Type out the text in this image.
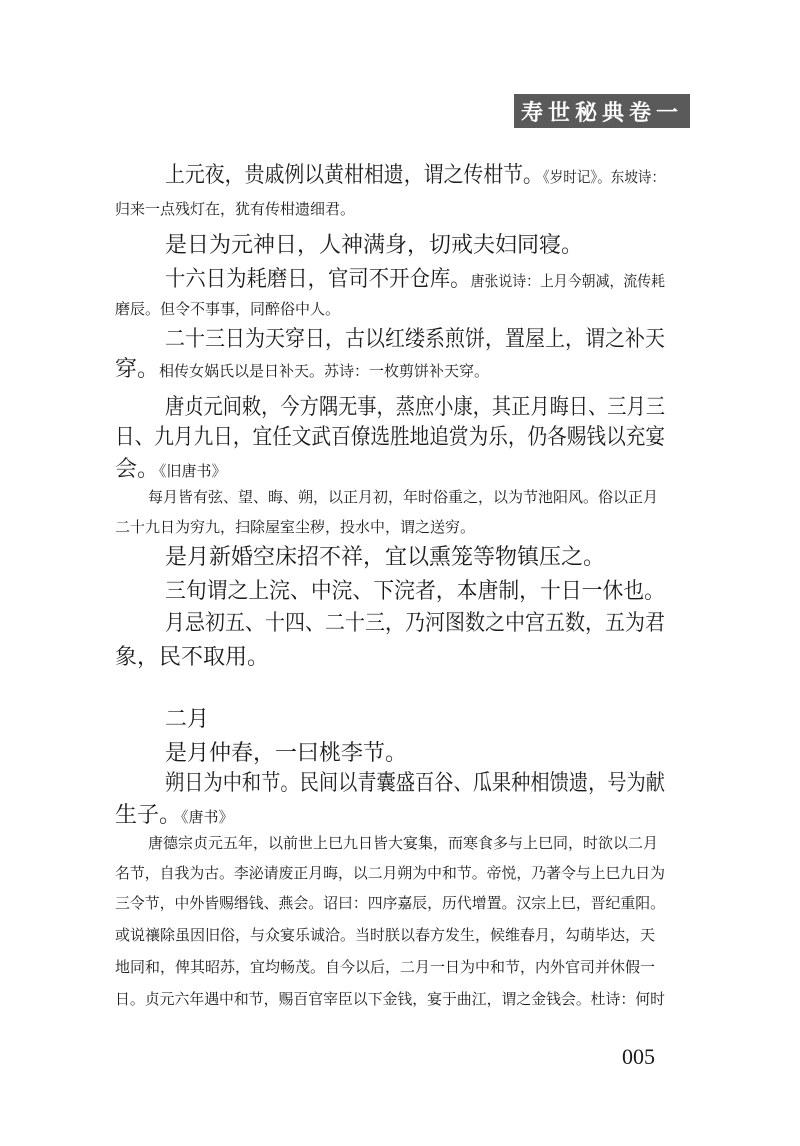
寿世秘典卷一
上元夜，贵戚例以黄柑相遗，谓之传柑节。《岁时记》。东坡诗：
归来一点残灯在，犹有传柑遗细君。
是日为元神日，人神满身，切戒夫妇同寝。
十六日为耗磨日，官司不开仓库。唐张说诗：上月今朝减，流传耗
磨辰。但令不事事，同醉俗中人。
二十三日为天穿日，古以红缕系煎饼，置屋上，谓之补天
穿。相传女娲氏以是日补天。苏诗：一枚剪饼补天穿。
唐贞元间敕，今方隅无事，蒸庶小康，其正月晦日、三月三
日、九月九日，宜任文武百僚选胜地追赏为乐，仍各赐钱以充宴
会。《旧唐书》
每月皆有弦、望、晦、朔，以正月初，年时俗重之，以为节池阳风。俗以正月
二十九日为穷九，扫除屋室尘秽，投水中，谓之送穷。
是月新婚空床招不祥，宜以熏笼等物镇压之。
三旬谓之上浣、中浣、下浣者，本唐制，十日一休也。
月忌初五、十四、二十三，乃河图数之中宫五数，五为君
象，民不取用。
二月
是月仲春，一曰桃李节。
朔日为中和节。民间以青囊盛百谷、瓜果种相馈遗，号为献
生子。《唐书》
唐德宗贞元五年，以前世上巳九日皆大宴集，而寒食多与上巳同，时欲以二月
名节，自我为古。李泌请废正月晦，以二月朔为中和节。帝悦，乃著令与上巳九日为
三令节，中外皆赐缗钱、燕会。诏曰：四序嘉辰，历代增置。汉宗上巳，晋纪重阳。
或说禳除虽因旧俗，与众宴乐诚洽。当时朕以春方发生，候维春月，勾萌毕达，天
地同和，俾其昭苏，宜均畅茂。自今以后，二月一日为中和节，内外官司并休假一
日。贞元六年遇中和节，赐百官宰臣以下金钱，宴于曲江，谓之金钱会。杜诗：何时
005
